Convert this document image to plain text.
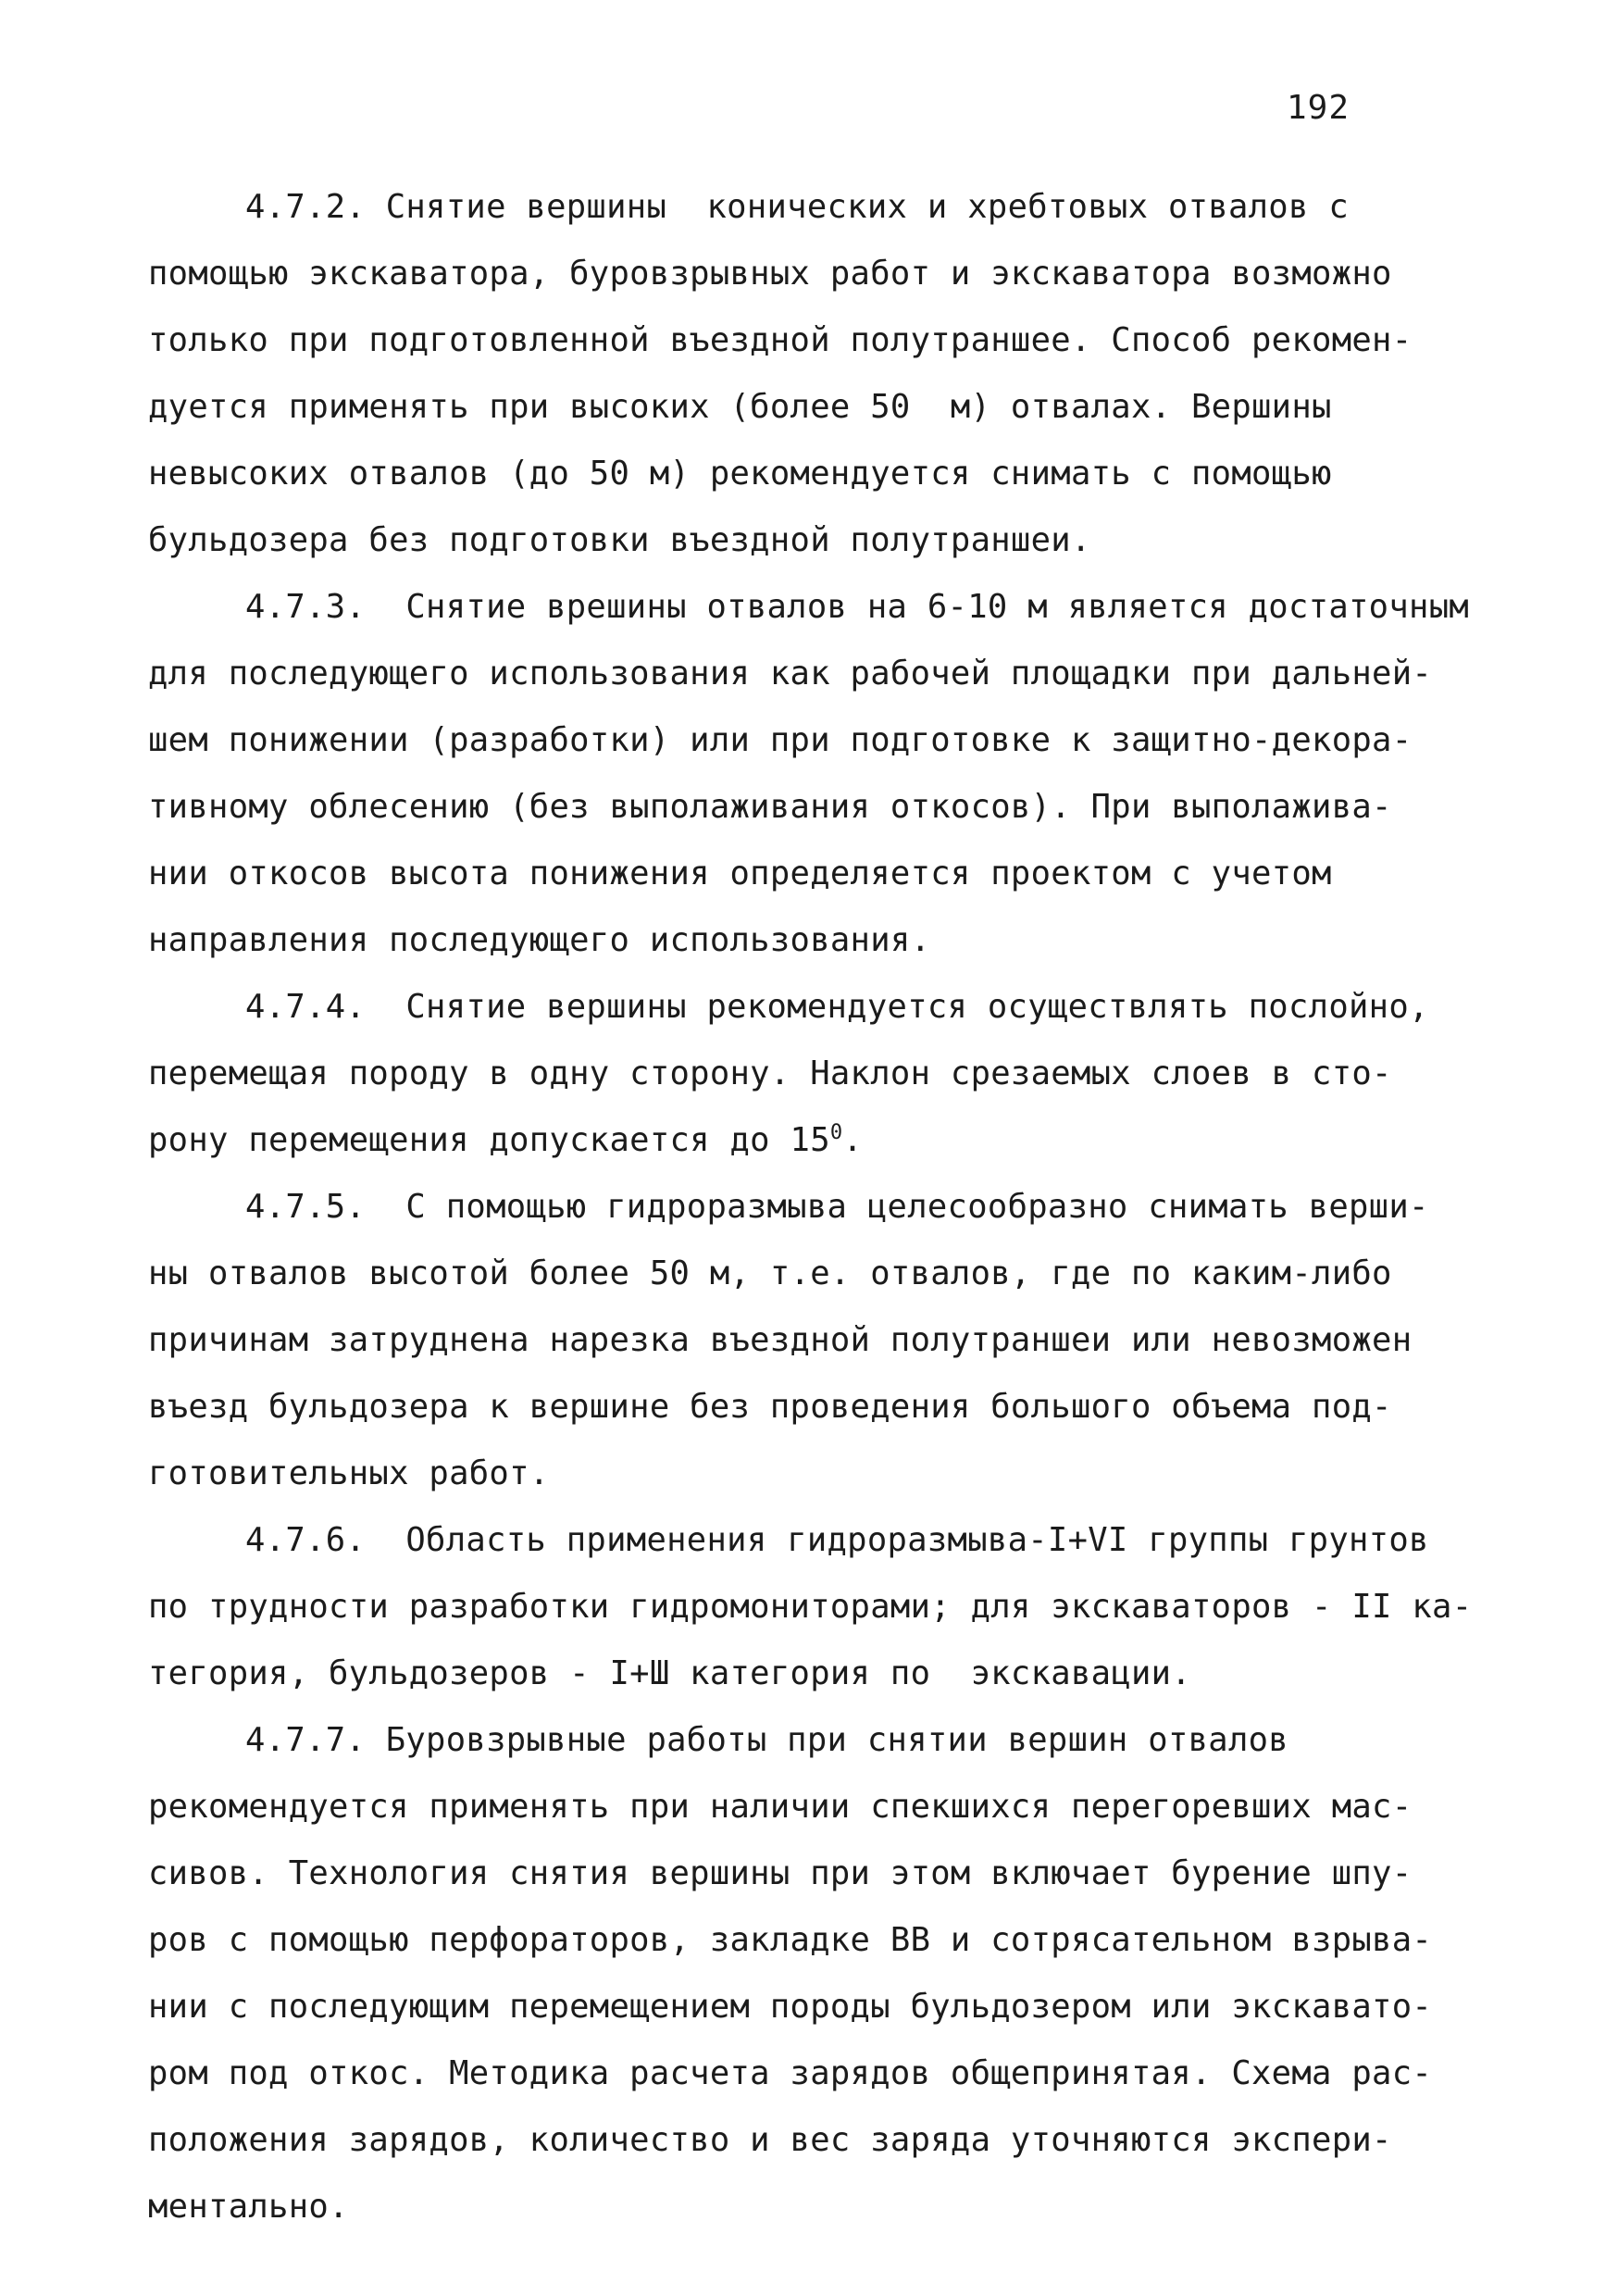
192
4.7.2. Снятие вершины  конических и хребтовых отвалов с
помощью экскаватора, буровзрывных работ и экскаватора возможно
только при подготовленной въездной полутраншее. Способ рекомен-
дуется применять при высоких (более 50  м) отвалах. Вершины
невысоких отвалов (до 50 м) рекомендуется снимать с помощью
бульдозера без подготовки въездной полутраншеи.
4.7.3.  Снятие врешины отвалов на 6-10 м является достаточным
для последующего использования как рабочей площадки при дальней-
шем понижении (разработки) или при подготовке к защитно-декора-
тивному облесению (без выполаживания откосов). При выполажива-
нии откосов высота понижения определяется проектом с учетом
направления последующего использования.
4.7.4.  Снятие вершины рекомендуется осуществлять послойно,
перемещая породу в одну сторону. Наклон срезаемых слоев в сто-
рону перемещения допускается до $15^0$.
4.7.5.  С помощью гидроразмыва целесообразно снимать верши-
ны отвалов высотой более 50 м, т.е. отвалов, где по каким-либо
причинам затруднена нарезка въездной полутраншеи или невозможен
въезд бульдозера к вершине без проведения большого объема под-
готовительных работ.
4.7.6.  Область применения гидроразмыва-I+VI группы грунтов
по трудности разработки гидромониторами; для экскаваторов - II ка-
тегория, бульдозеров - I+Ш категория по  экскавации.
4.7.7. Буровзрывные работы при снятии вершин отвалов
рекомендуется применять при наличии спекшихся перегоревших мас-
сивов. Технология снятия вершины при этом включает бурение шпу-
ров с помощью перфораторов, закладке ВВ и сотрясательном взрыва-
нии с последующим перемещением породы бульдозером или экскавато-
ром под откос. Методика расчета зарядов общепринятая. Схема рас-
положения зарядов, количество и вес заряда уточняются экспери-
ментально.
